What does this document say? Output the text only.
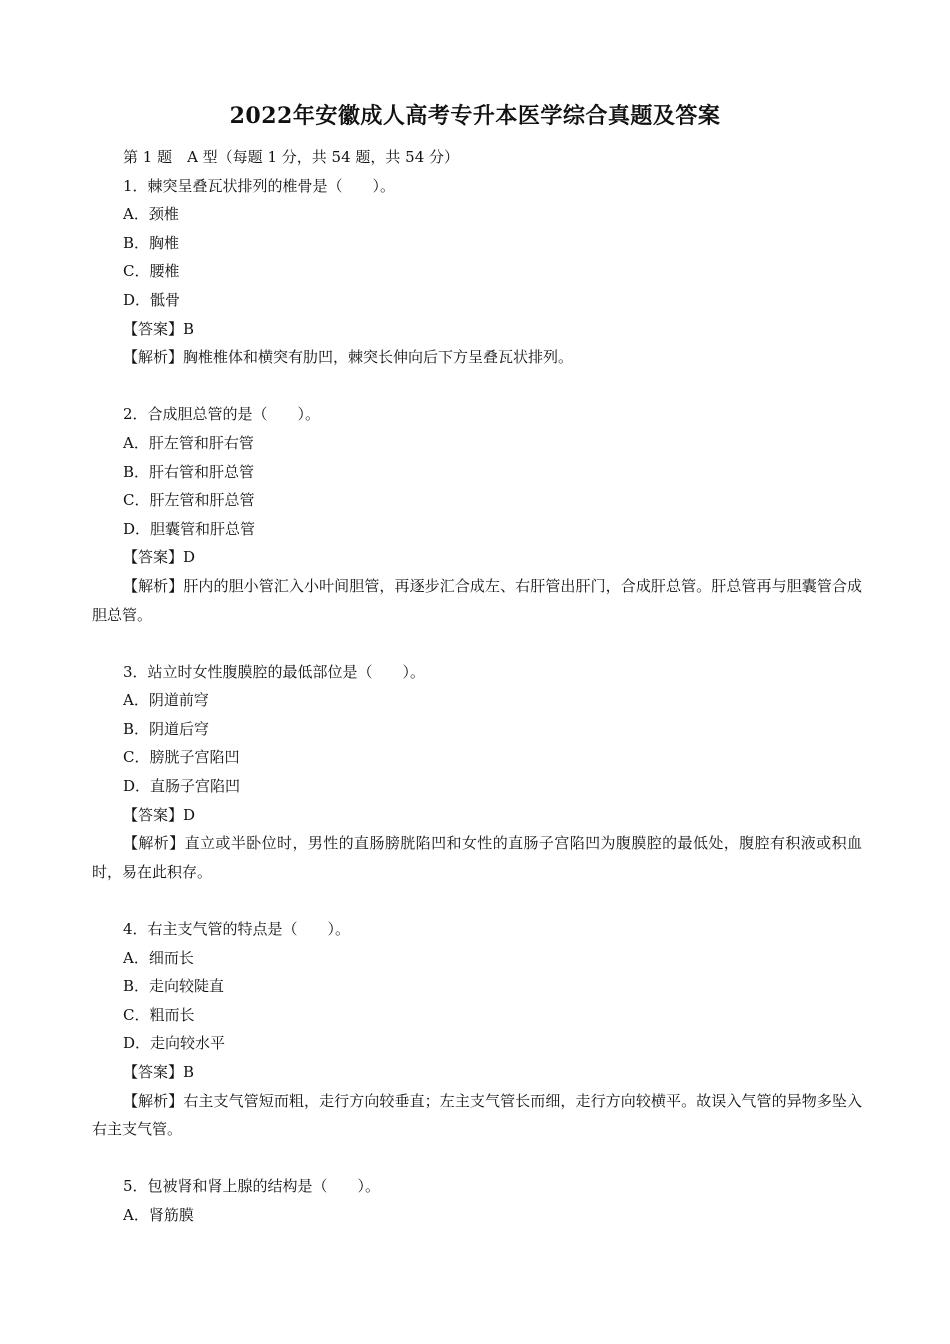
2022年安徽成人高考专升本医学综合真题及答案
第 1 题　A 型（每题 1 分，共 54 题，共 54 分）
1．棘突呈叠瓦状排列的椎骨是（　　）。
A．颈椎
B．胸椎
C．腰椎
D．骶骨
【答案】B
【解析】胸椎椎体和横突有肋凹，棘突长伸向后下方呈叠瓦状排列。
2．合成胆总管的是（　　）。
A．肝左管和肝右管
B．肝右管和肝总管
C．肝左管和肝总管
D．胆囊管和肝总管
【答案】D
【解析】肝内的胆小管汇入小叶间胆管，再逐步汇合成左、右肝管出肝门，合成肝总管。肝总管再与胆囊管合成胆总管。
3．站立时女性腹膜腔的最低部位是（　　）。
A．阴道前穹
B．阴道后穹
C．膀胱子宫陷凹
D．直肠子宫陷凹
【答案】D
【解析】直立或半卧位时，男性的直肠膀胱陷凹和女性的直肠子宫陷凹为腹膜腔的最低处，腹腔有积液或积血时，易在此积存。
4．右主支气管的特点是（　　）。
A．细而长
B．走向较陡直
C．粗而长
D．走向较水平
【答案】B
【解析】右主支气管短而粗，走行方向较垂直；左主支气管长而细，走行方向较横平。故误入气管的异物多坠入右主支气管。
5．包被肾和肾上腺的结构是（　　）。
A．肾筋膜
